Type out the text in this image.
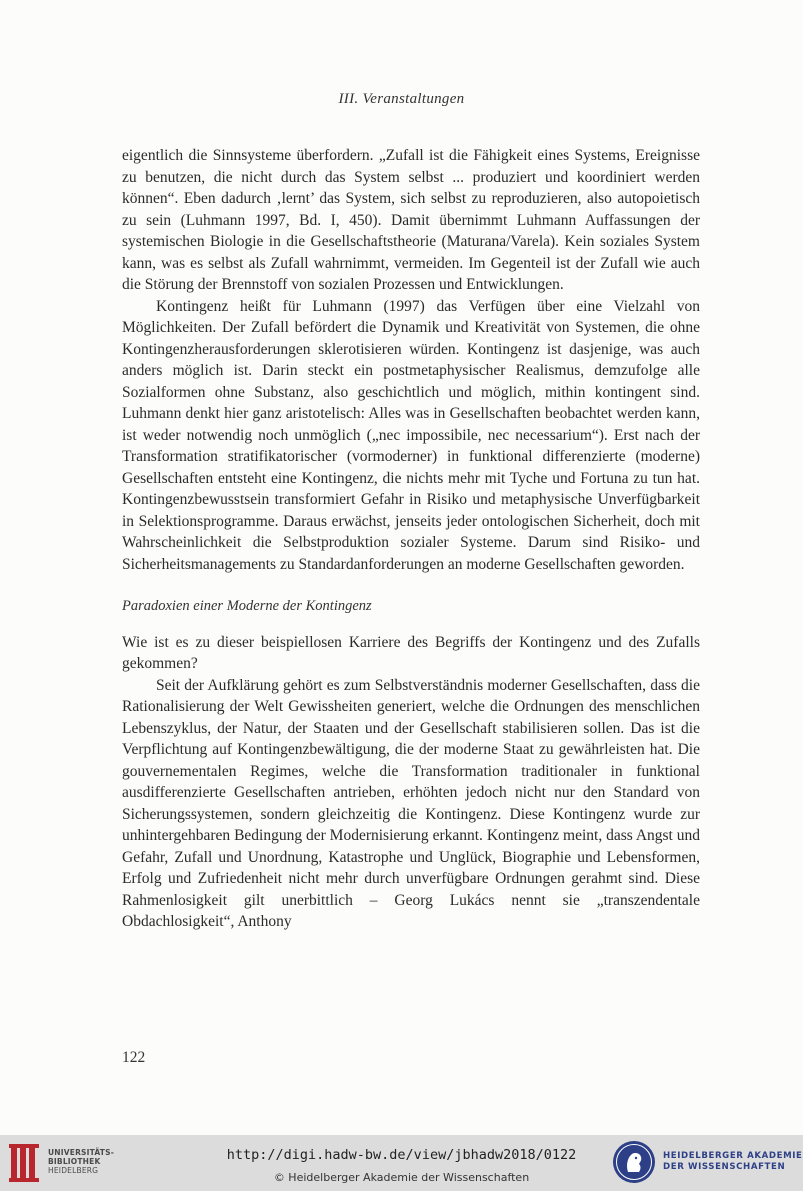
III. Veranstaltungen

eigentlich die Sinnsysteme überfordern. „Zufall ist die Fähigkeit eines Systems, Ereignisse zu benutzen, die nicht durch das System selbst ... produziert und koordiniert werden können“. Eben dadurch ‚lernt’ das System, sich selbst zu reproduzieren, also autopoietisch zu sein (Luhmann 1997, Bd. I, 450). Damit übernimmt Luhmann Auffassungen der systemischen Biologie in die Gesellschaftstheorie (Maturana/Varela). Kein soziales System kann, was es selbst als Zufall wahrnimmt, vermeiden. Im Gegenteil ist der Zufall wie auch die Störung der Brennstoff von sozialen Prozessen und Entwicklungen.

Kontingenz heißt für Luhmann (1997) das Verfügen über eine Vielzahl von Möglichkeiten. Der Zufall befördert die Dynamik und Kreativität von Systemen, die ohne Kontingenzherausforderungen sklerotisieren würden. Kontingenz ist dasjenige, was auch anders möglich ist. Darin steckt ein postmetaphysischer Realismus, demzufolge alle Sozialformen ohne Substanz, also geschichtlich und möglich, mithin kontingent sind. Luhmann denkt hier ganz aristotelisch: Alles was in Gesellschaften beobachtet werden kann, ist weder notwendig noch unmöglich („nec impossibile, nec necessarium“). Erst nach der Transformation stratifikatorischer (vormoderner) in funktional differenzierte (moderne) Gesellschaften entsteht eine Kontingenz, die nichts mehr mit Tyche und Fortuna zu tun hat. Kontingenzbewusstsein transformiert Gefahr in Risiko und metaphysische Unverfügbarkeit in Selektionsprogramme. Daraus erwächst, jenseits jeder ontologischen Sicherheit, doch mit Wahrscheinlichkeit die Selbstproduktion sozialer Systeme. Darum sind Risiko- und Sicherheitsmanagements zu Standardanforderungen an moderne Gesellschaften geworden.

Paradoxien einer Moderne der Kontingenz

Wie ist es zu dieser beispiellosen Karriere des Begriffs der Kontingenz und des Zufalls gekommen?

Seit der Aufklärung gehört es zum Selbstverständnis moderner Gesellschaften, dass die Rationalisierung der Welt Gewissheiten generiert, welche die Ordnungen des menschlichen Lebenszyklus, der Natur, der Staaten und der Gesellschaft stabilisieren sollen. Das ist die Verpflichtung auf Kontingenzbewältigung, die der moderne Staat zu gewährleisten hat. Die gouvernementalen Regimes, welche die Transformation traditionaler in funktional ausdifferenzierte Gesellschaften antrieben, erhöhten jedoch nicht nur den Standard von Sicherungssystemen, sondern gleichzeitig die Kontingenz. Diese Kontingenz wurde zur unhintergehbaren Bedingung der Modernisierung erkannt. Kontingenz meint, dass Angst und Gefahr, Zufall und Unordnung, Katastrophe und Unglück, Biographie und Lebensformen, Erfolg und Zufriedenheit nicht mehr durch unverfügbare Ordnungen gerahmt sind. Diese Rahmenlosigkeit gilt unerbittlich – Georg Lukács nennt sie „transzendentale Obdachlosigkeit“, Anthony

122
UNIVERSITÄTS-
BIBLIOTHEK
HEIDELBERG
http://digi.hadw-bw.de/view/jbhadw2018/0122
© Heidelberger Akademie der Wissenschaften
HEIDELBERGER AKADEMIE
DER WISSENSCHAFTEN
